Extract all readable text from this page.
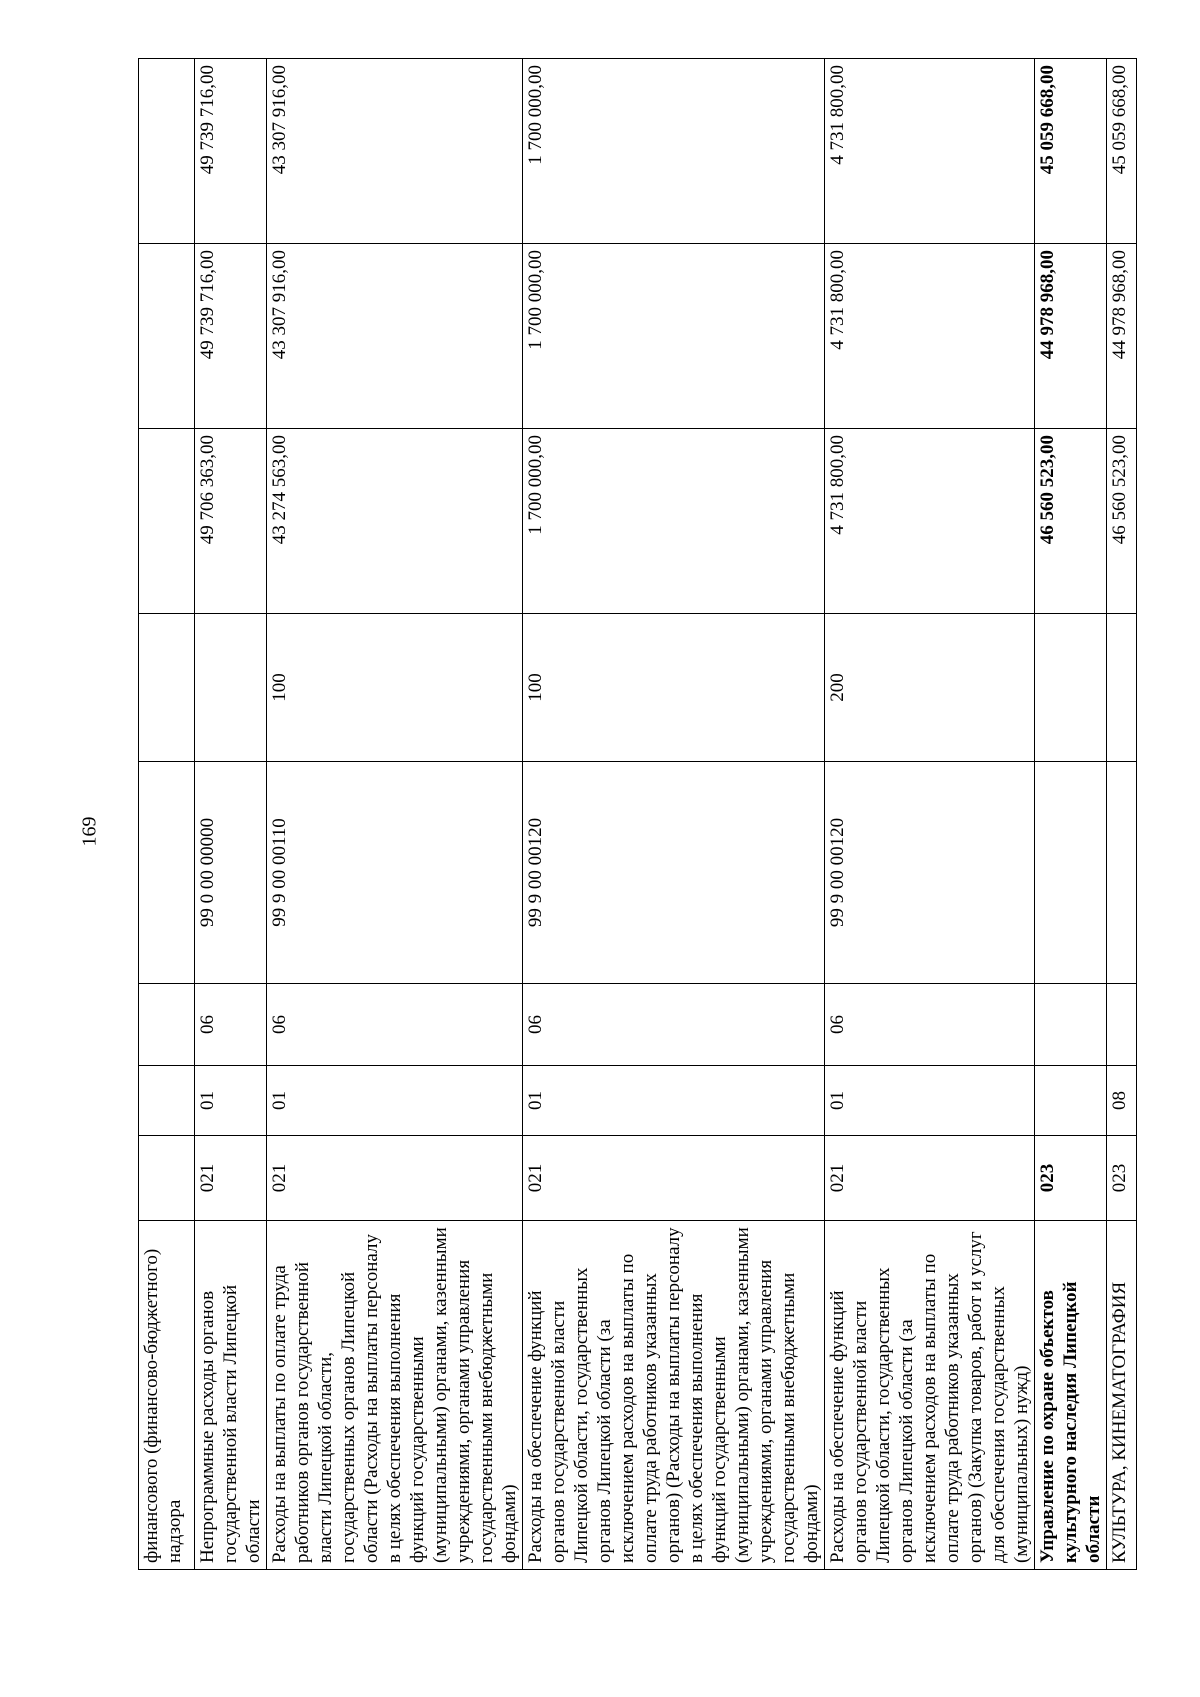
169
финансового (финансово-бюджетного) надзора								
Непрограммные расходы органов государственной власти Липецкой области	021	01	06	99 0 00 00000		49 706 363,00	49 739 716,00	49 739 716,00
Расходы на выплаты по оплате труда работников органов государственной власти Липецкой области, государственных органов Липецкой области (Расходы на выплаты персоналу в целях обеспечения выполнения функций государственными (муниципальными) органами, казенными учреждениями, органами управления государственными внебюджетными фондами)	021	01	06	99 9 00 00110	100	43 274 563,00	43 307 916,00	43 307 916,00
Расходы на обеспечение функций органов государственной власти Липецкой области, государственных органов Липецкой области (за исключением расходов на выплаты по оплате труда работников указанных органов) (Расходы на выплаты персоналу в целях обеспечения выполнения функций государственными (муниципальными) органами, казенными учреждениями, органами управления государственными внебюджетными фондами)	021	01	06	99 9 00 00120	100	1 700 000,00	1 700 000,00	1 700 000,00
Расходы на обеспечение функций органов государственной власти Липецкой области, государственных органов Липецкой области (за исключением расходов на выплаты по оплате труда работников указанных органов) (Закупка товаров, работ и услуг для обеспечения государственных (муниципальных) нужд)	021	01	06	99 9 00 00120	200	4 731 800,00	4 731 800,00	4 731 800,00
Управление по охране объектов культурного наследия Липецкой области	023					46 560 523,00	44 978 968,00	45 059 668,00
КУЛЬТУРА, КИНЕМАТОГРАФИЯ	023	08				46 560 523,00	44 978 968,00	45 059 668,00
